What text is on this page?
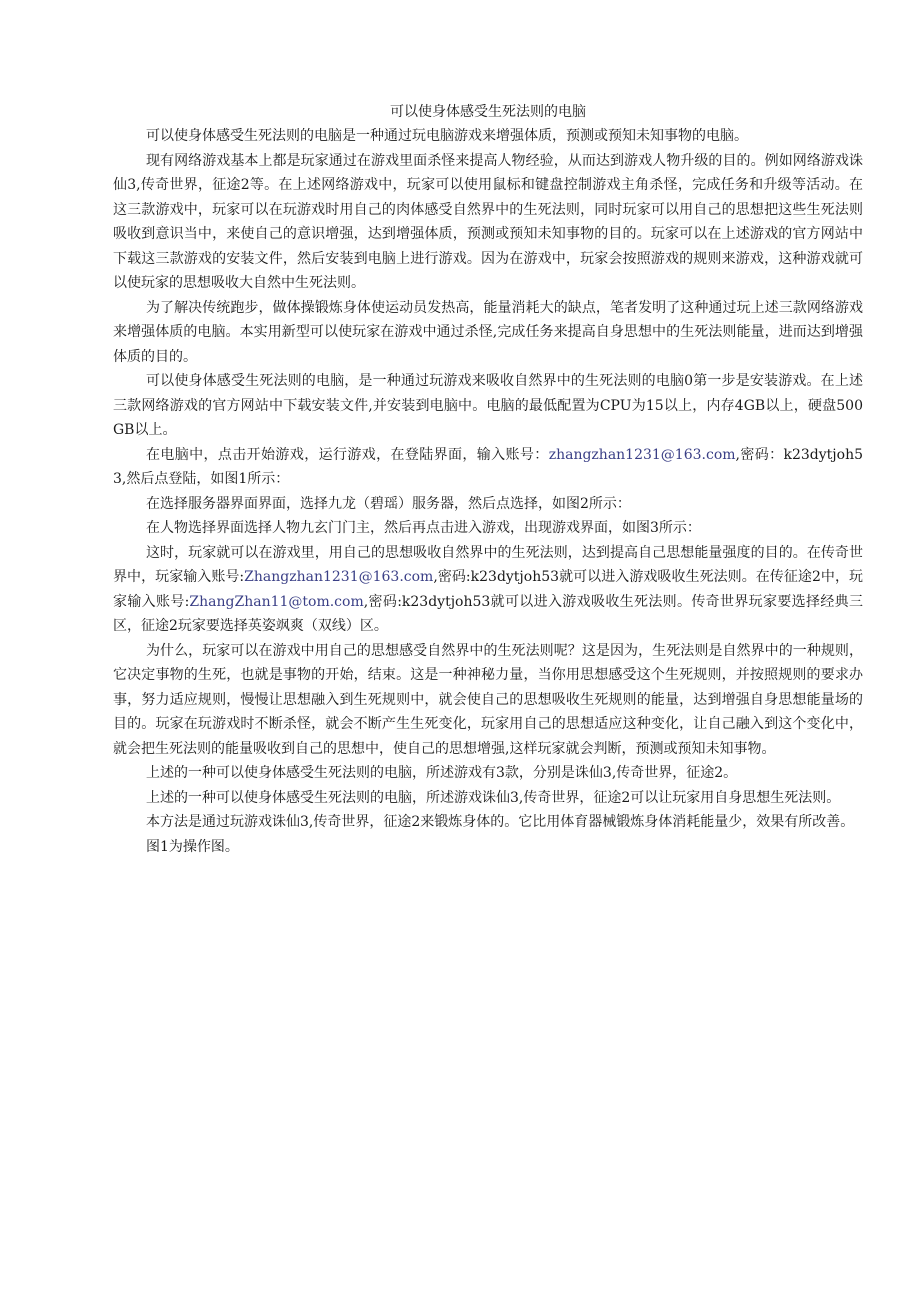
可以使身体感受生死法则的电脑

可以使身体感受生死法则的电脑是一种通过玩电脑游戏来增强体质，预测或预知未知事物的电脑。

现有网络游戏基本上都是玩家通过在游戏里面杀怪来提高人物经验，从而达到游戏人物升级的目的。例如网络游戏诛仙3,传奇世界，征途2等。在上述网络游戏中，玩家可以使用鼠标和键盘控制游戏主角杀怪，完成任务和升级等活动。在这三款游戏中，玩家可以在玩游戏时用自己的肉体感受自然界中的生死法则，同时玩家可以用自己的思想把这些生死法则吸收到意识当中，来使自己的意识增强，达到增强体质，预测或预知未知事物的目的。玩家可以在上述游戏的官方网站中下载这三款游戏的安装文件，然后安装到电脑上进行游戏。因为在游戏中，玩家会按照游戏的规则来游戏，这种游戏就可以使玩家的思想吸收大自然中生死法则。

为了解决传统跑步，做体操锻炼身体使运动员发热高，能量消耗大的缺点，笔者发明了这种通过玩上述三款网络游戏来增强体质的电脑。本实用新型可以使玩家在游戏中通过杀怪,完成任务来提高自身思想中的生死法则能量，进而达到增强体质的目的。

可以使身体感受生死法则的电脑，是一种通过玩游戏来吸收自然界中的生死法则的电脑0第一步是安装游戏。在上述三款网络游戏的官方网站中下载安装文件,并安装到电脑中。电脑的最低配置为CPU为15以上，内存4GB以上，硬盘500GB以上。

在电脑中，点击开始游戏，运行游戏，在登陆界面，输入账号：zhangzhan1231@163.com,密码：k23dytjoh53,然后点登陆，如图1所示：

在选择服务器界面界面，选择九龙（碧瑶）服务器，然后点选择，如图2所示：

在人物选择界面选择人物九玄门门主，然后再点击进入游戏，出现游戏界面，如图3所示：

这时，玩家就可以在游戏里，用自己的思想吸收自然界中的生死法则，达到提高自己思想能量强度的目的。在传奇世界中，玩家输入账号:Zhangzhan1231@163.com,密码:k23dytjoh53就可以进入游戏吸收生死法则。在传征途2中，玩家输入账号:ZhangZhan11@tom.com,密码:k23dytjoh53就可以进入游戏吸收生死法则。传奇世界玩家要选择经典三区，征途2玩家要选择英姿飒爽（双线）区。

为什么，玩家可以在游戏中用自己的思想感受自然界中的生死法则呢？这是因为，生死法则是自然界中的一种规则，它决定事物的生死，也就是事物的开始，结束。这是一种神秘力量，当你用思想感受这个生死规则，并按照规则的要求办事，努力适应规则，慢慢让思想融入到生死规则中，就会使自己的思想吸收生死规则的能量，达到增强自身思想能量场的目的。玩家在玩游戏时不断杀怪，就会不断产生生死变化，玩家用自己的思想适应这种变化，让自己融入到这个变化中，就会把生死法则的能量吸收到自己的思想中，使自己的思想增强,这样玩家就会判断，预测或预知未知事物。

上述的一种可以使身体感受生死法则的电脑，所述游戏有3款，分别是诛仙3,传奇世界，征途2。

上述的一种可以使身体感受生死法则的电脑，所述游戏诛仙3,传奇世界，征途2可以让玩家用自身思想生死法则。

本方法是通过玩游戏诛仙3,传奇世界，征途2来锻炼身体的。它比用体育器械锻炼身体消耗能量少，效果有所改善。

图1为操作图。
